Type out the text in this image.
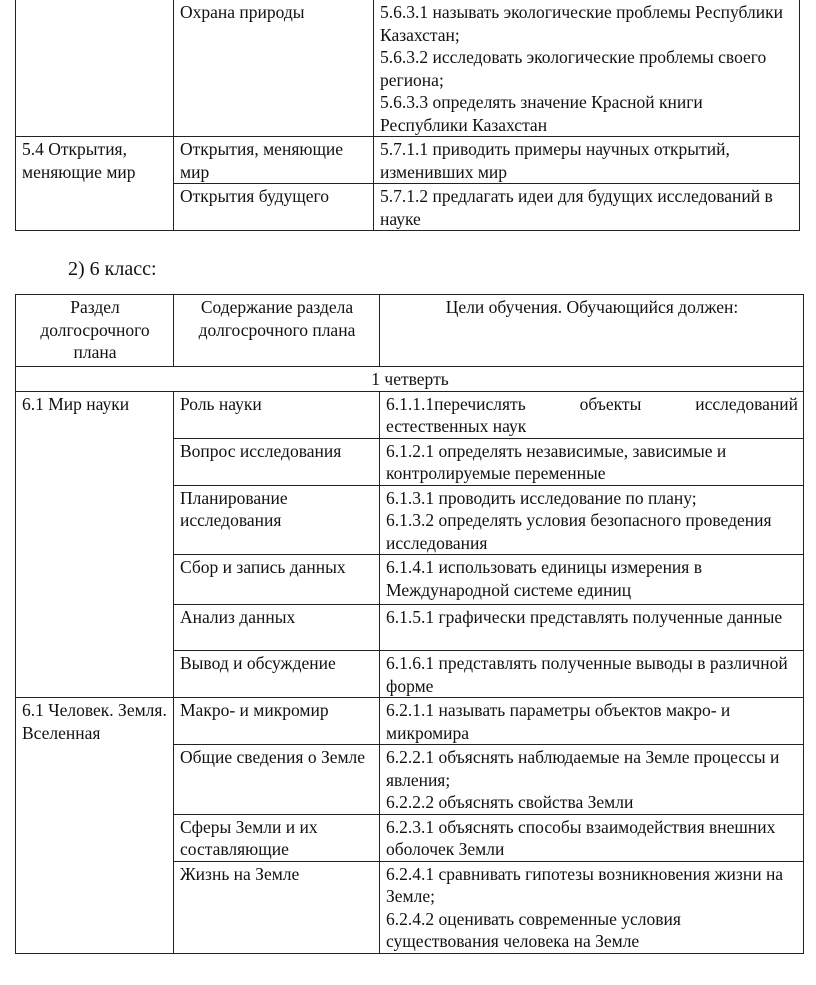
	Охрана природы	5.6.3.1 называть экологические проблемы Республики Казахстан;
5.6.3.2 исследовать экологические проблемы своего региона;
5.6.3.3 определять значение Красной книги Республики Казахстан

5.4 Открытия, меняющие мир	Открытия, меняющие мир	5.7.1.1 приводить примеры научных открытий, изменивших мир

	Открытия будущего	5.7.1.2 предлагать идеи для будущих исследований в науке
2) 6 класс:
Раздел долгосрочного плана	Содержание раздела долгосрочного плана	Цели обучения. Обучающийся должен:
1 четверть		
6.1 Мир науки	Роль науки	6.1.1.1перечислять объекты исследований естественных наук

	Вопрос исследования	6.1.2.1 определять независимые, зависимые и контролируемые переменные

	Планирование исследования	6.1.3.1 проводить исследование по плану;
6.1.3.2 определять условия безопасного проведения исследования

	Сбор и запись данных	6.1.4.1 использовать единицы измерения в Международной системе единиц

	Анализ данных	6.1.5.1 графически представлять полученные данные

	Вывод и обсуждение	6.1.6.1 представлять полученные выводы в различной форме

6.1 Человек. Земля. Вселенная	Макро- и микромир	6.2.1.1 называть параметры объектов макро- и микромира

	Общие сведения о Земле	6.2.2.1 объяснять наблюдаемые на Земле процессы и явления;
6.2.2.2 объяснять свойства Земли

	Сферы Земли и их составляющие	6.2.3.1 объяснять способы взаимодействия внешних оболочек Земли

	Жизнь на Земле	6.2.4.1 сравнивать гипотезы возникновения жизни на Земле;
6.2.4.2 оценивать современные условия существования человека на Земле
